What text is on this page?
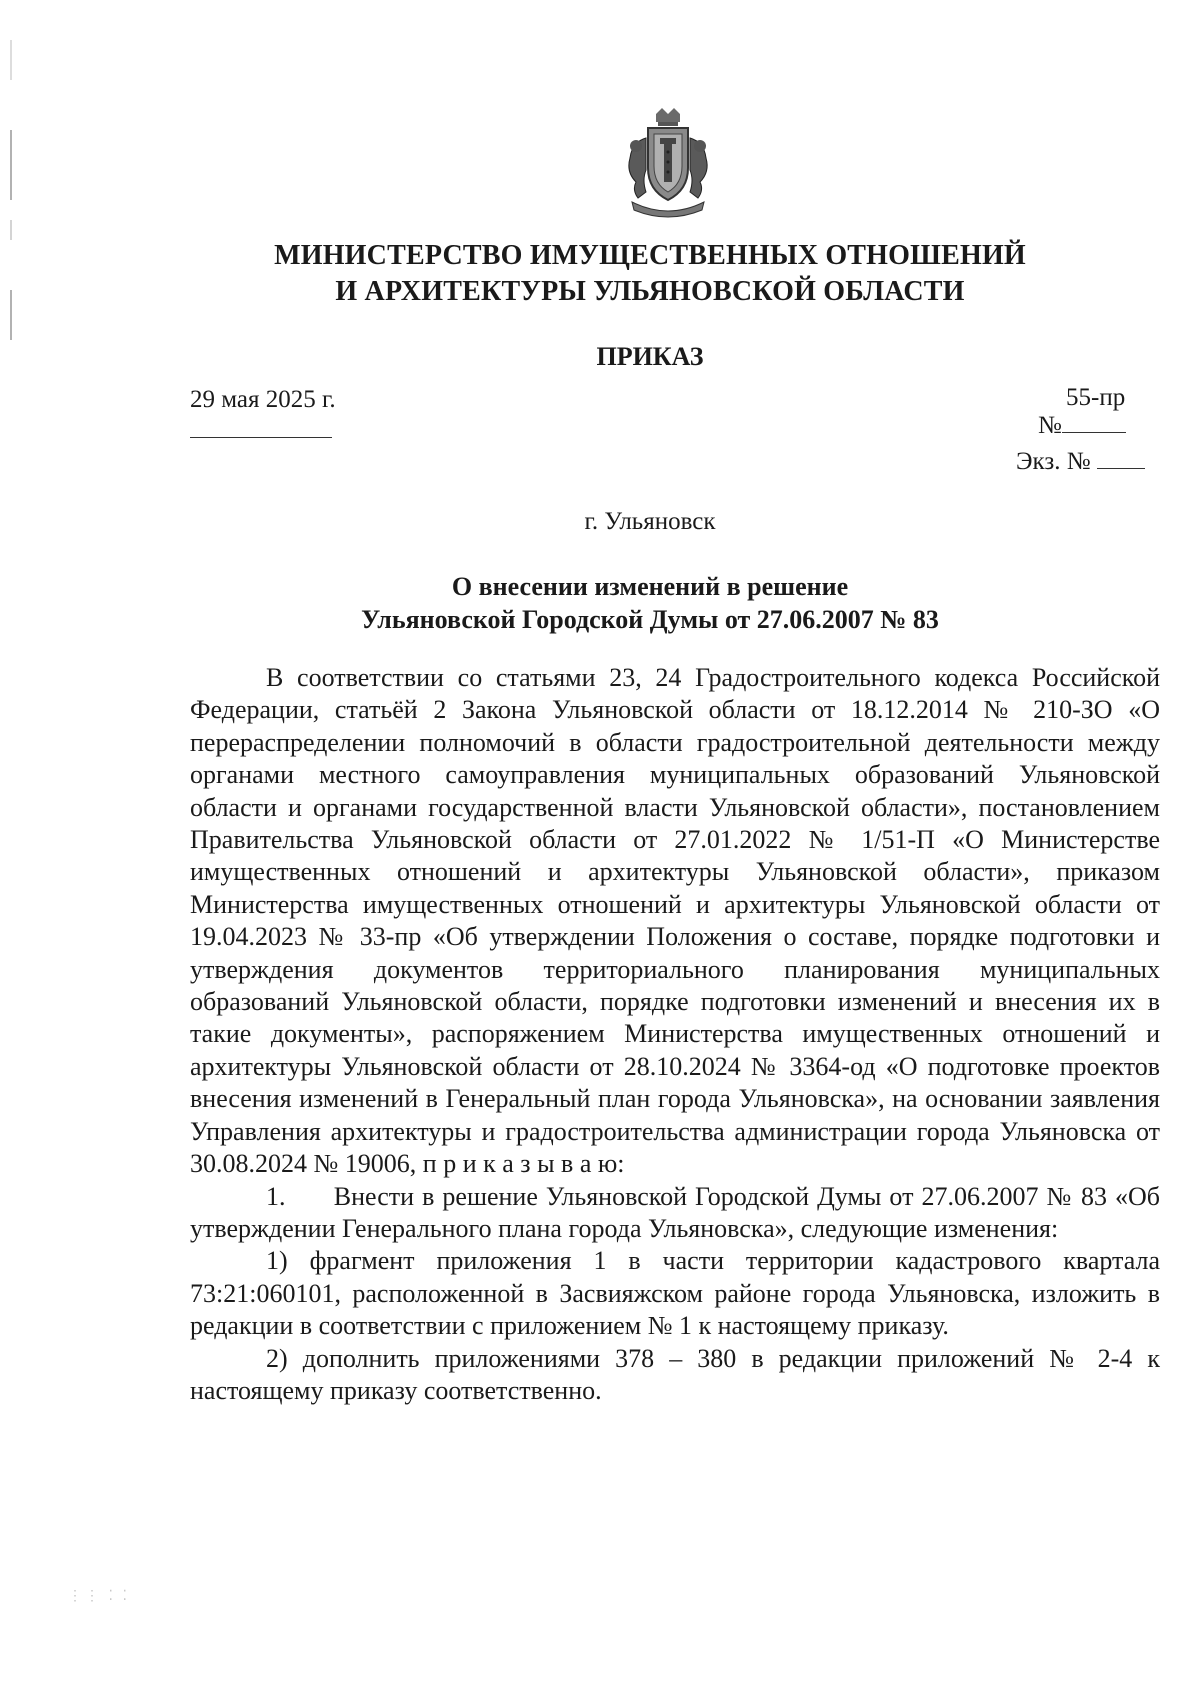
МИНИСТЕРСТВО ИМУЩЕСТВЕННЫХ ОТНОШЕНИЙ
И АРХИТЕКТУРЫ УЛЬЯНОВСКОЙ ОБЛАСТИ
ПРИКАЗ
29 мая 2025 г.	55-пр
№
Экз. №
г. Ульяновск
О внесении изменений в решение
Ульяновской Городской Думы от 27.06.2007 № 83

В соответствии со статьями 23, 24 Градостроительного кодекса Российской Федерации, статьёй 2 Закона Ульяновской области от 18.12.2014 № 210-ЗО «О перераспределении полномочий в области градостроительной деятельности между органами местного самоуправления муниципальных образований Ульяновской области и органами государственной власти Ульяновской области», постановлением Правительства Ульяновской области от 27.01.2022 № 1/51-П «О Министерстве имущественных отношений и архитектуры Ульяновской области», приказом Министерства имущественных отношений и архитектуры Ульяновской области от 19.04.2023 № 33-пр «Об утверждении Положения о составе, порядке подготовки и утверждения документов территориального планирования муниципальных образований Ульяновской области, порядке подготовки изменений и внесения их в такие документы», распоряжением Министерства имущественных отношений и архитектуры Ульяновской области от 28.10.2024 № 3364-од «О подготовке проектов внесения изменений в Генеральный план города Ульяновска», на основании заявления Управления архитектуры и градостроительства администрации города Ульяновска от 30.08.2024 № 19006, п р и к а з ы в а ю:

1.      Внести в решение Ульяновской Городской Думы от 27.06.2007 № 83 «Об утверждении Генерального плана города Ульяновска», следующие изменения:

1) фрагмент приложения 1 в части территории кадастрового квартала 73:21:060101, расположенной в Засвияжском районе города Ульяновска, изложить в редакции в соответствии с приложением № 1 к настоящему приказу.

2) дополнить приложениями 378 – 380 в редакции приложений № 2-4 к настоящему приказу соответственно.

⋮⋮ ⁚ ⁚
